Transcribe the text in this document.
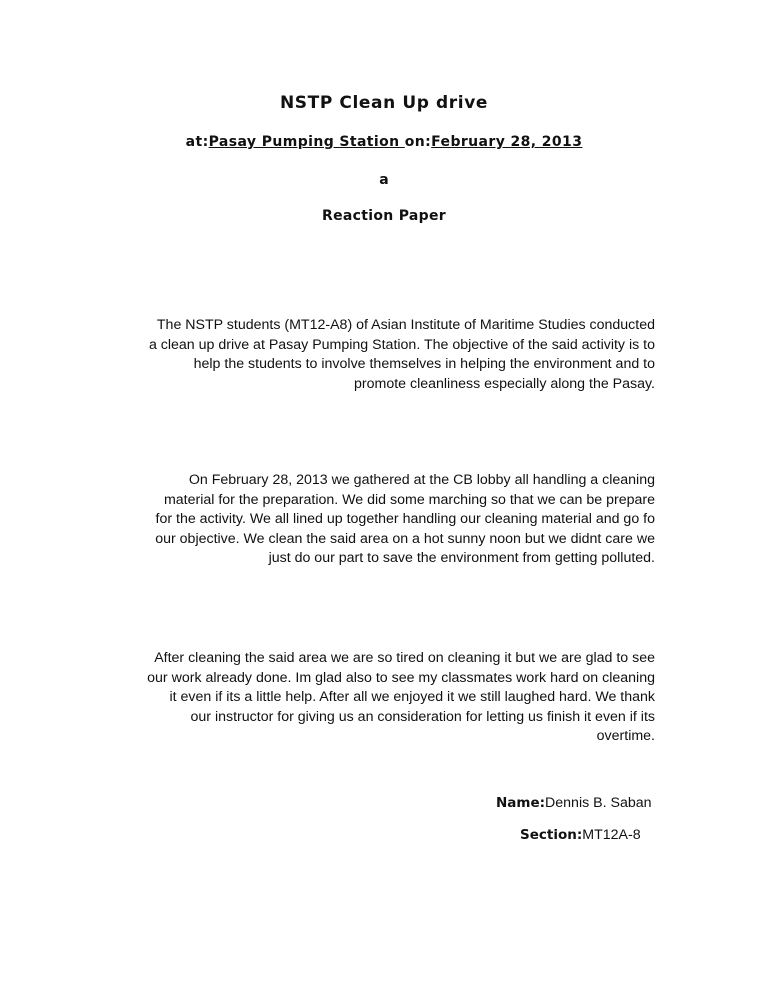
NSTP Clean Up drive
at:Pasay Pumping Station on:February 28, 2013
a
Reaction Paper
The NSTP students (MT12-A8) of Asian Institute of Maritime Studies conducted
a clean up drive at Pasay Pumping Station. The objective of the said activity is to
help the students to involve themselves in helping the environment and to
promote cleanliness especially along the Pasay.
On February 28, 2013 we gathered at the CB lobby all handling a cleaning
material for the preparation. We did some marching so that we can be prepare
for the activity. We all lined up together handling our cleaning material and go fo
our objective. We clean the said area on a hot sunny noon but we didnt care we
just do our part to save the environment from getting polluted.
After cleaning the said area we are so tired on cleaning it but we are glad to see
our work already done. Im glad also to see my classmates work hard on cleaning
it even if its a little help. After all we enjoyed it we still laughed hard. We thank
our instructor for giving us an consideration for letting us finish it even if its
overtime.
Name:Dennis B. Saban
Section:MT12A-8
